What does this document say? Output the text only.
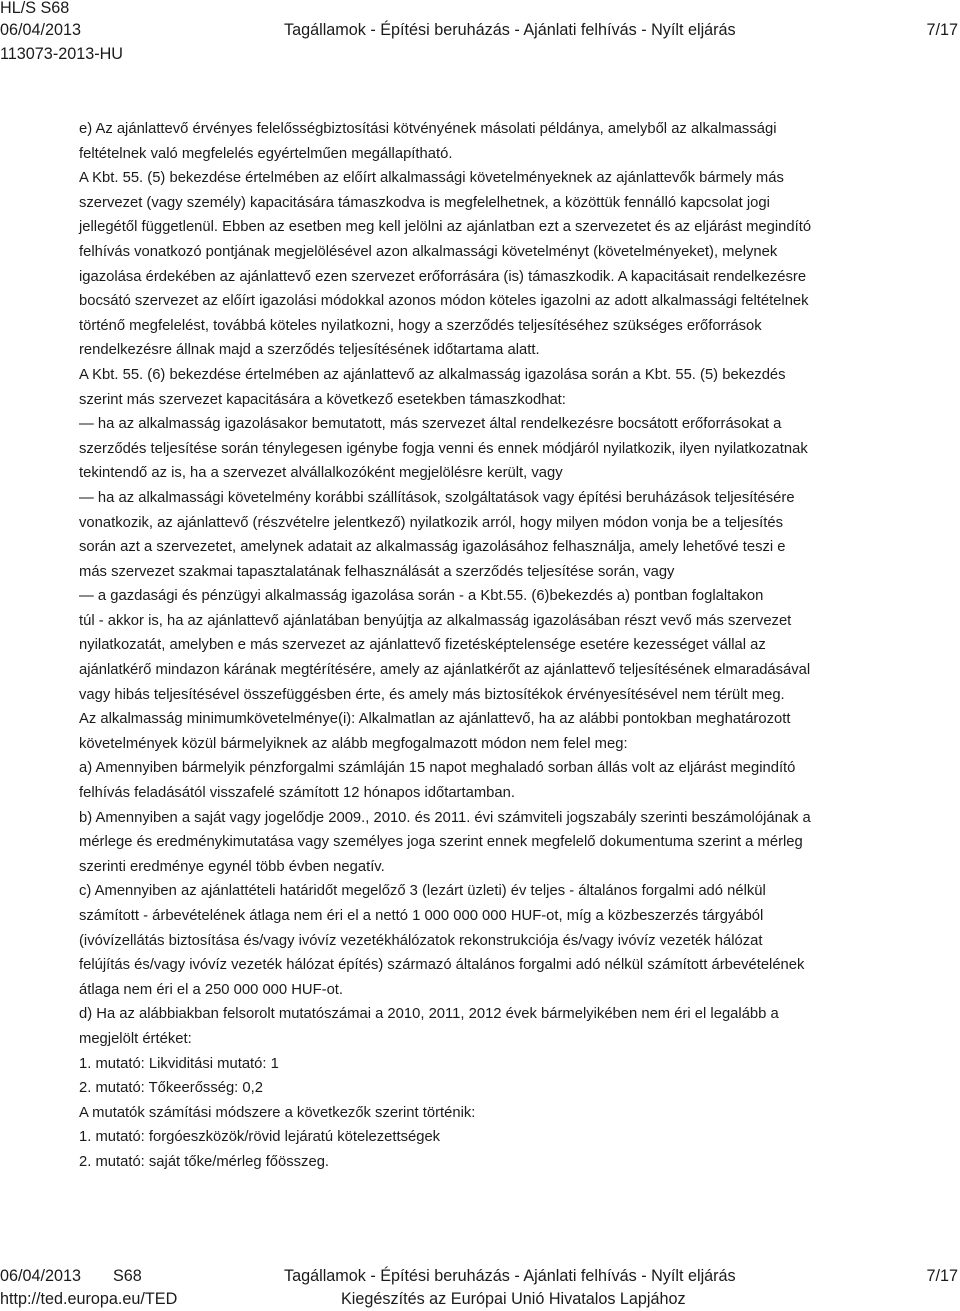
HL/S S68
06/04/2013	Tagállamok - Építési beruházás - Ajánlati felhívás - Nyílt eljárás	7/17
113073-2013-HU

e) Az ajánlattevő érvényes felelősségbiztosítási kötvényének másolati példánya, amelyből az alkalmassági

feltételnek való megfelelés egyértelműen megállapítható.

A Kbt. 55. (5) bekezdése értelmében az előírt alkalmassági követelményeknek az ajánlattevők bármely más

szervezet (vagy személy) kapacitására támaszkodva is megfelelhetnek, a közöttük fennálló kapcsolat jogi

jellegétől függetlenül. Ebben az esetben meg kell jelölni az ajánlatban ezt a szervezetet és az eljárást megindító

felhívás vonatkozó pontjának megjelölésével azon alkalmassági követelményt (követelményeket), melynek

igazolása érdekében az ajánlattevő ezen szervezet erőforrására (is) támaszkodik. A kapacitásait rendelkezésre

bocsátó szervezet az előírt igazolási módokkal azonos módon köteles igazolni az adott alkalmassági feltételnek

történő megfelelést, továbbá köteles nyilatkozni, hogy a szerződés teljesítéséhez szükséges erőforrások

rendelkezésre állnak majd a szerződés teljesítésének időtartama alatt.

A Kbt. 55. (6) bekezdése értelmében az ajánlattevő az alkalmasság igazolása során a Kbt. 55. (5) bekezdés

szerint más szervezet kapacitására a következő esetekben támaszkodhat:

— ha az alkalmasság igazolásakor bemutatott, más szervezet által rendelkezésre bocsátott erőforrásokat a

szerződés teljesítése során ténylegesen igénybe fogja venni és ennek módjáról nyilatkozik, ilyen nyilatkozatnak

tekintendő az is, ha a szervezet alvállalkozóként megjelölésre került, vagy

— ha az alkalmassági követelmény korábbi szállítások, szolgáltatások vagy építési beruházások teljesítésére

vonatkozik, az ajánlattevő (részvételre jelentkező) nyilatkozik arról, hogy milyen módon vonja be a teljesítés

során azt a szervezetet, amelynek adatait az alkalmasság igazolásához felhasználja, amely lehetővé teszi e

más szervezet szakmai tapasztalatának felhasználását a szerződés teljesítése során, vagy

— a gazdasági és pénzügyi alkalmasság igazolása során - a Kbt.55. (6)bekezdés a) pontban foglaltakon

túl - akkor is, ha az ajánlattevő ajánlatában benyújtja az alkalmasság igazolásában részt vevő más szervezet

nyilatkozatát, amelyben e más szervezet az ajánlattevő fizetésképtelensége esetére kezességet vállal az

ajánlatkérő mindazon kárának megtérítésére, amely az ajánlatkérőt az ajánlattevő teljesítésének elmaradásával

vagy hibás teljesítésével összefüggésben érte, és amely más biztosítékok érvényesítésével nem térült meg.

Az alkalmasság minimumkövetelménye(i): Alkalmatlan az ajánlattevő, ha az alábbi pontokban meghatározott

követelmények közül bármelyiknek az alább megfogalmazott módon nem felel meg:

a) Amennyiben bármelyik pénzforgalmi számláján 15 napot meghaladó sorban állás volt az eljárást megindító

felhívás feladásától visszafelé számított 12 hónapos időtartamban.

b) Amennyiben a saját vagy jogelődje 2009., 2010. és 2011. évi számviteli jogszabály szerinti beszámolójának a

mérlege és eredménykimutatása vagy személyes joga szerint ennek megfelelő dokumentuma szerint a mérleg

szerinti eredménye egynél több évben negatív.

c) Amennyiben az ajánlattételi határidőt megelőző 3 (lezárt üzleti) év teljes - általános forgalmi adó nélkül

számított - árbevételének átlaga nem éri el a nettó 1 000 000 000 HUF-ot, míg a közbeszerzés tárgyából

(ivóvízellátás biztosítása és/vagy ivóvíz vezetékhálózatok rekonstrukciója és/vagy ivóvíz vezeték hálózat

felújítás és/vagy ivóvíz vezeték hálózat építés) származó általános forgalmi adó nélkül számított árbevételének

átlaga nem éri el a 250 000 000 HUF-ot.

d) Ha az alábbiakban felsorolt mutatószámai a 2010, 2011, 2012 évek bármelyikében nem éri el legalább a

megjelölt értéket:

1. mutató: Likviditási mutató: 1

2. mutató: Tőkeerősség: 0,2

A mutatók számítási módszere a következők szerint történik:

1. mutató: forgóeszközök/rövid lejáratú kötelezettségek

2. mutató: saját tőke/mérleg főösszeg.

06/04/2013 S68	Tagállamok - Építési beruházás - Ajánlati felhívás - Nyílt eljárás	7/17
http://ted.europa.eu/TED	Kiegészítés az Európai Unió Hivatalos Lapjához
